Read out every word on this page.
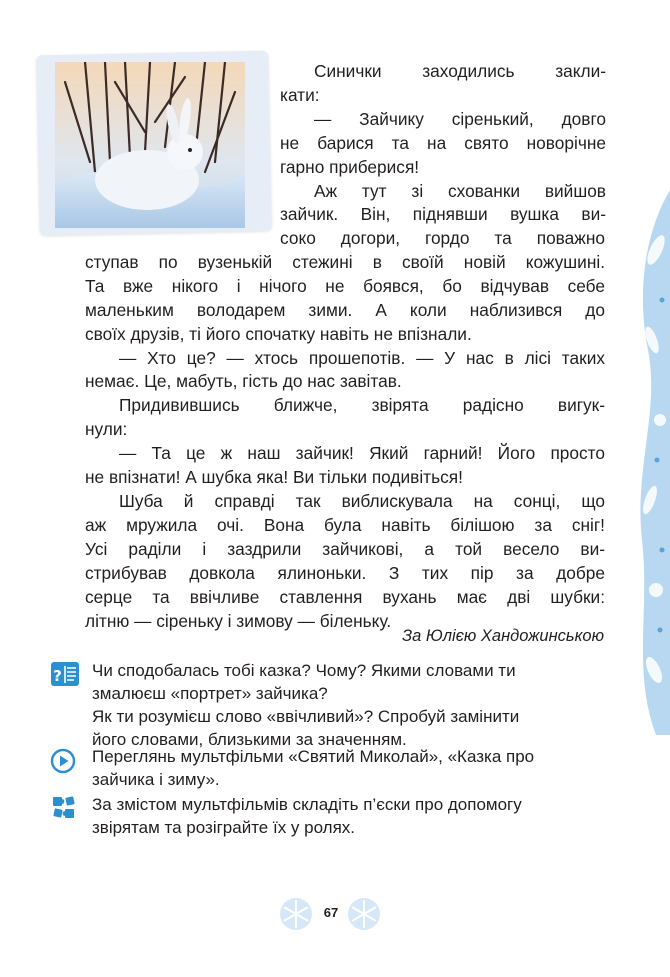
Синички заходились закли-
кати:
— Зайчику сіренький, довго
не барися та на свято новорічне
гарно приберися!
Аж тут зі схованки вийшов
зайчик. Він, піднявши вушка ви-
соко догори, гордо та поважно
ступав по вузенькій стежині в своїй новій кожушині.
Та вже нікого і нічого не боявся, бо відчував себе
маленьким володарем зими. А коли наблизився до
своїх друзів, ті його спочатку навіть не впізнали.
— Хто це? — хтось прошепотів. — У нас в лісі таких
немає. Це, мабуть, гість до нас завітав.
Придивившись ближче, звірята радісно вигук-
нули:
— Та це ж наш зайчик! Який гарний! Його просто
не впізнати! А шубка яка! Ви тільки подивіться!
Шуба й справді так виблискувала на сонці, що
аж мружила очі. Вона була навіть білішою за сніг!
Усі раділи і заздрили зайчикові, а той весело ви-
стрибував довкола ялиноньки. З тих пір за добре
серце та ввічливе ставлення вухань має дві шубки:
літню — сіреньку і зимову — біленьку.
За Юлією Хандожинською
? Чи сподобалась тобі казка? Чому? Якими словами ти
змалюєш «портрет» зайчика?
Як ти розумієш слово «ввічливий»? Спробуй замінити
його словами, близькими за значенням.
Переглянь мультфільми «Святий Миколай», «Казка про
зайчика і зиму».
За змістом мультфільмів складіть п’єски про допомогу
звірятам та розіграйте їх у ролях.
67
